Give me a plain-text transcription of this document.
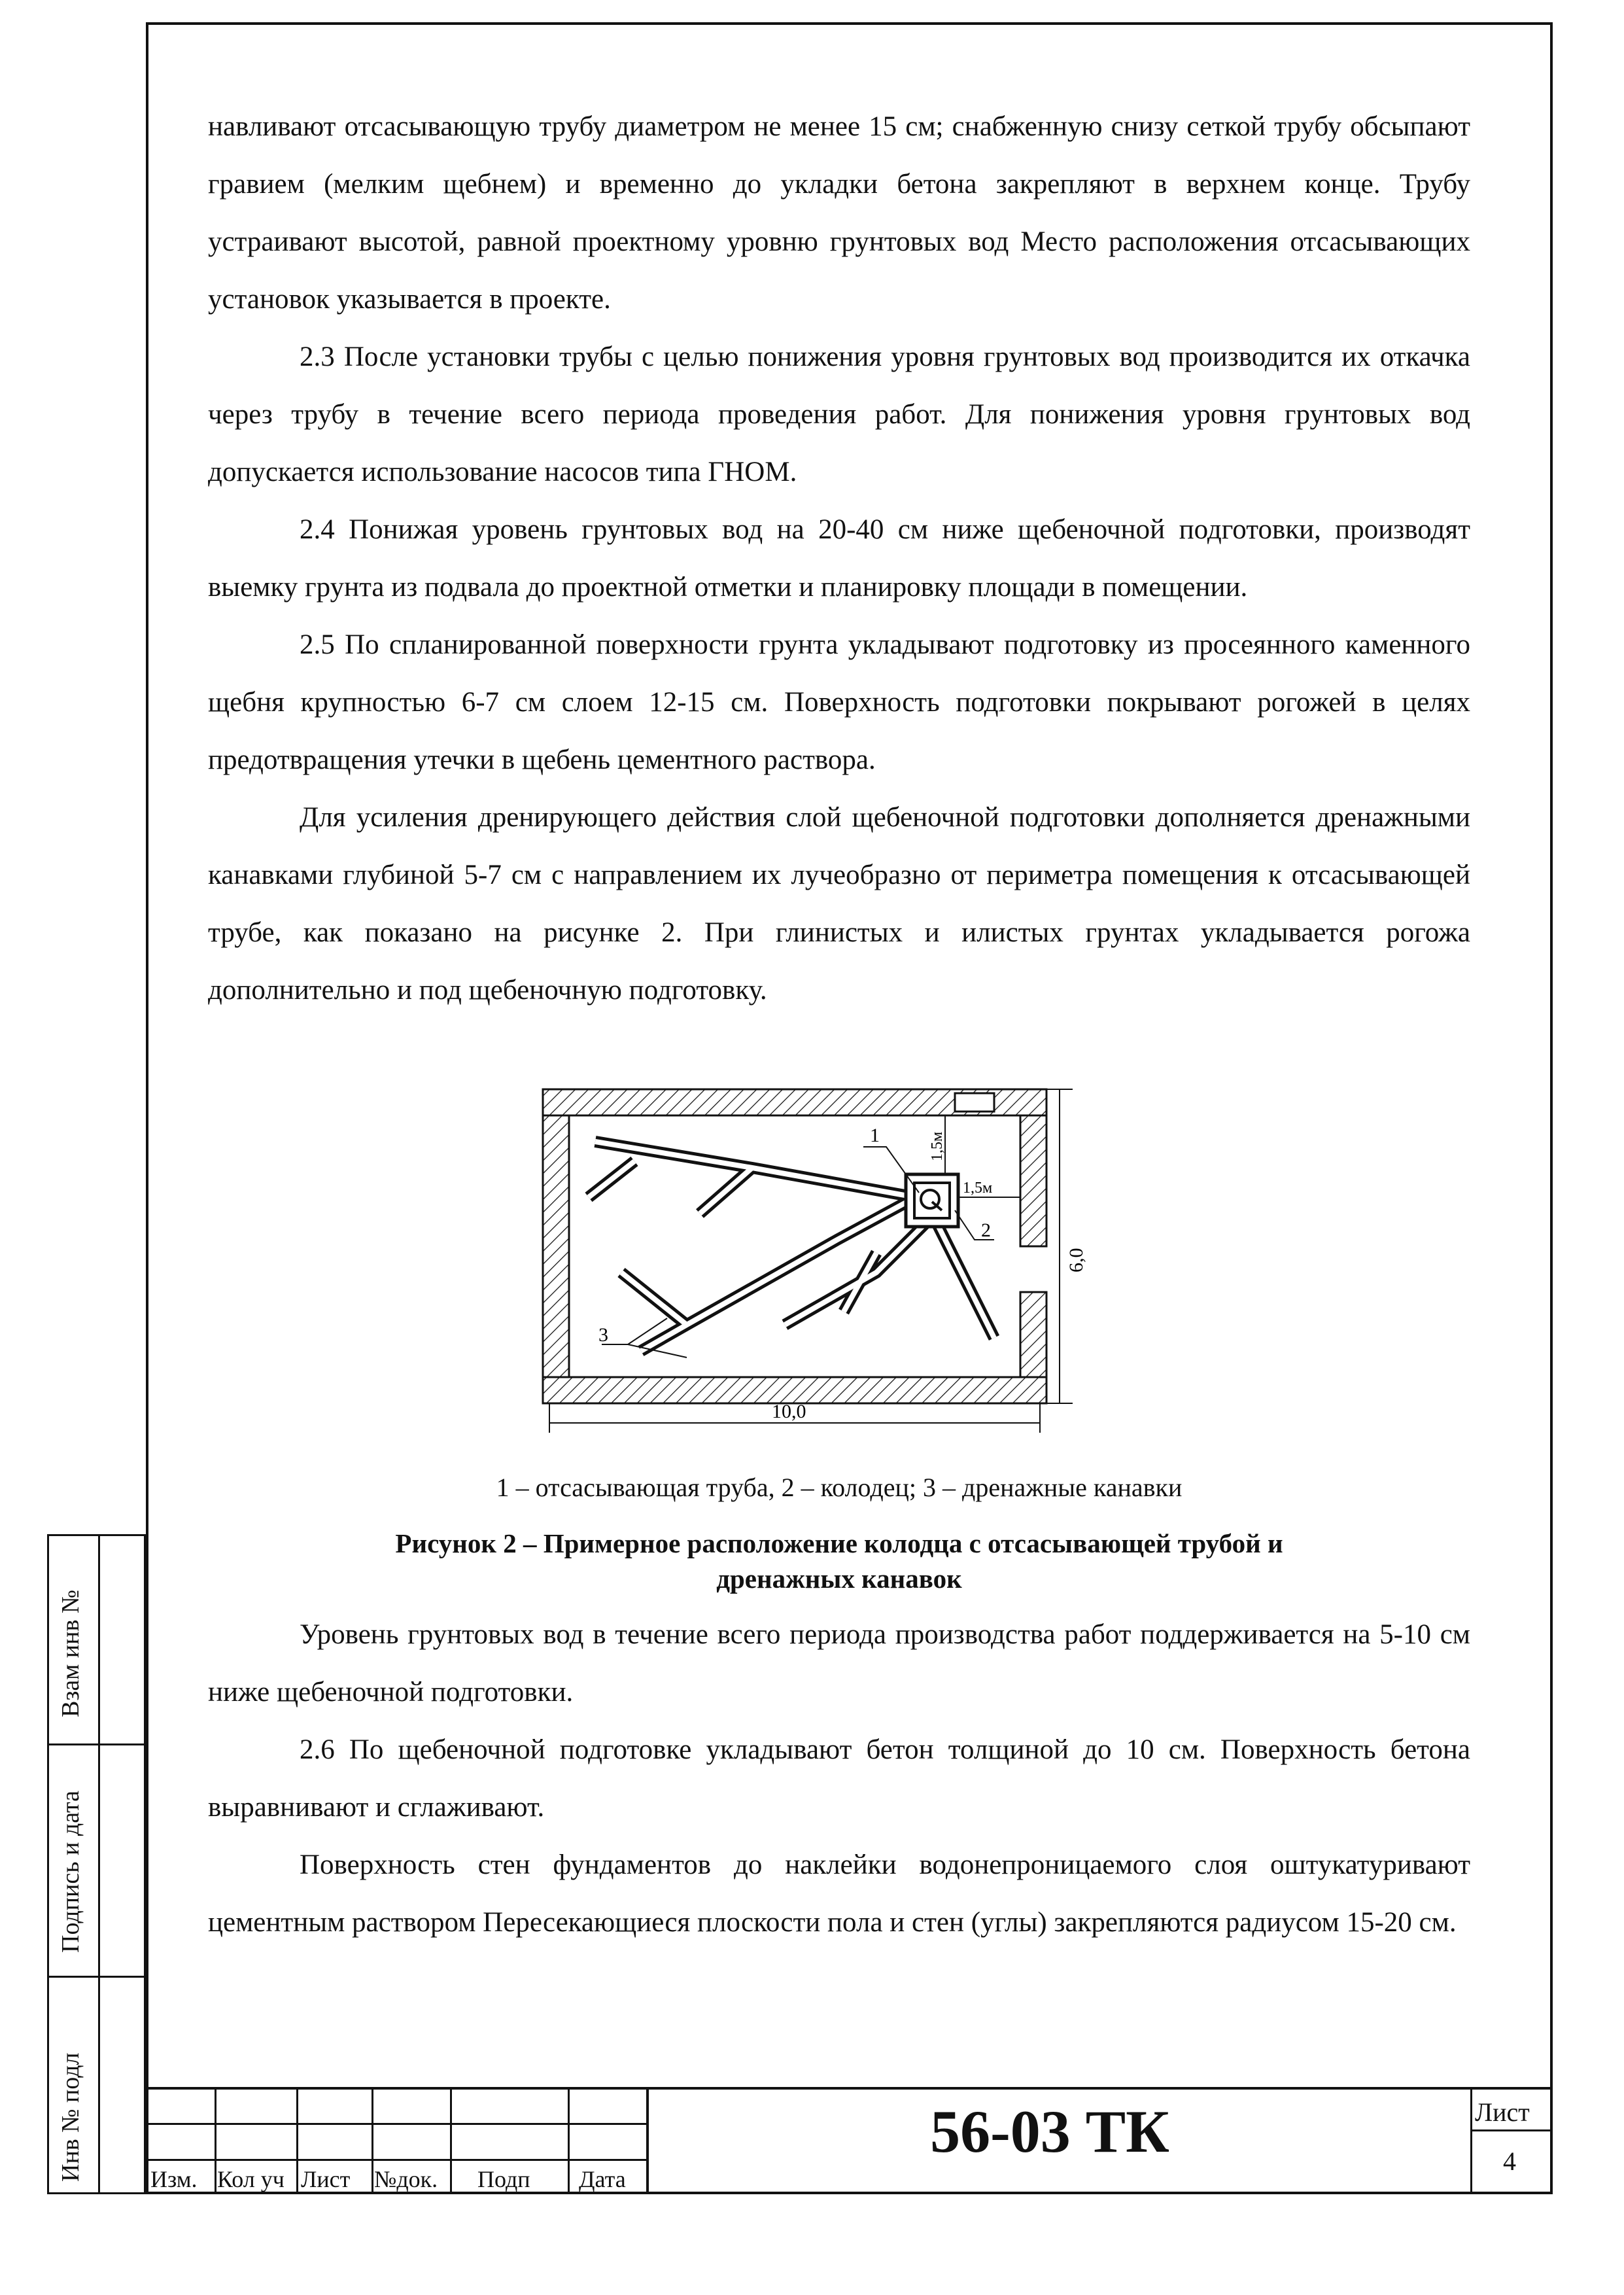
навливают отсасывающую трубу диаметром не менее 15 см; снабженную снизу сеткой трубу обсыпают гравием (мелким щебнем) и временно до укладки бетона закрепляют в верхнем конце. Трубу устраивают высотой, равной проектному уровню грунтовых вод Место расположения отсасывающих установок указывается в проекте.

2.3 После установки трубы с целью понижения уровня грунтовых вод производится их откачка через трубу в течение всего периода проведения работ. Для понижения уровня грунтовых вод допускается использование насосов типа ГНОМ.

2.4 Понижая уровень грунтовых вод на 20-40 см ниже щебеночной подготовки, производят выемку грунта из подвала до проектной отметки и планировку площади в помещении.

2.5 По спланированной поверхности грунта укладывают подготовку из просеянного каменного щебня крупностью 6-7 см слоем 12-15 см. Поверхность подготовки покрывают рогожей в целях предотвращения утечки в щебень цементного раствора.

Для усиления дренирующего действия слой щебеночной подготовки дополняется дренажными канавками глубиной 5-7 см с направлением их лучеобразно от периметра помещения к отсасывающей трубе, как показано на рисунке 2. При глинистых и илистых грунтах укладывается рогожа дополнительно и под щебеночную подготовку.

1
2
3
1,5м
1,5м
6,0
10,0
1 – отсасывающая труба, 2 – колодец; 3 – дренажные канавки
Рисунок 2 – Примерное расположение колодца с отсасывающей трубой и
дренажных канавок

Уровень грунтовых вод в течение всего периода производства работ поддерживается на 5-10 см ниже щебеночной подготовки.

2.6 По щебеночной подготовке укладывают бетон толщиной до 10 см. Поверхность бетона выравнивают и сглаживают.

Поверхность стен фундаментов до наклейки водонепроницаемого слоя оштукатуривают цементным раствором Пересекающиеся плоскости пола и стен (углы) закрепляются радиусом 15-20 см.

Взам инв №
Подпись и дата
Инв № подл	Изм. Кол уч Лист №док. Подп Дата
56-03 ТК	Лист
4
